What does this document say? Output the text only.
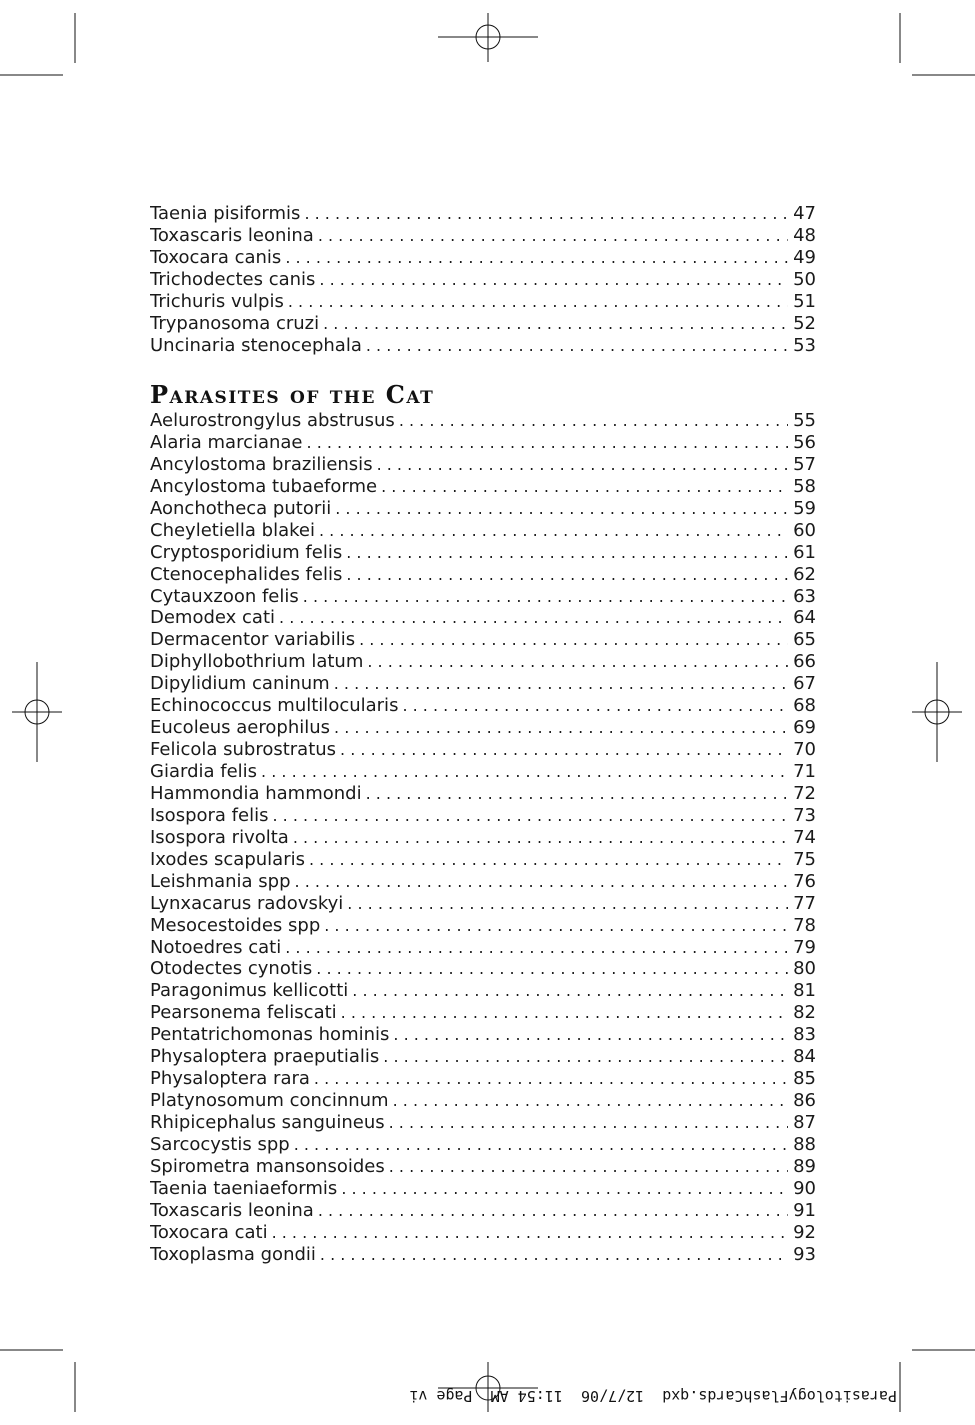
Taenia pisiformis . . .	47
Toxascaris leonina . . .	48
Toxocara canis . . .	49
Trichodectes canis . . .	50
Trichuris vulpis . . .	51
Trypanosoma cruzi . . .	52
Uncinaria stenocephala . . .	53
Parasites of the Cat
Aelurostrongylus abstrusus . . .	55
Alaria marcianae . . .	56
Ancylostoma braziliensis . . .	57
Ancylostoma tubaeforme . . .	58
Aonchotheca putorii . . .	59
Cheyletiella blakei . . .	60
Cryptosporidium felis . . .	61
Ctenocephalides felis . . .	62
Cytauxzoon felis . . .	63
Demodex cati . . .	64
Dermacentor variabilis . . .	65
Diphyllobothrium latum . . .	66
Dipylidium caninum . . .	67
Echinococcus multilocularis . . .	68
Eucoleus aerophilus . . .	69
Felicola subrostratus . . .	70
Giardia felis . . .	71
Hammondia hammondi . . .	72
Isospora felis . . .	73
Isospora rivolta . . .	74
Ixodes scapularis . . .	75
Leishmania spp . . .	76
Lynxacarus radovskyi . . .	77
Mesocestoides spp . . .	78
Notoedres cati . . .	79
Otodectes cynotis . . .	80
Paragonimus kellicotti . . .	81
Pearsonema feliscati . . .	82
Pentatrichomonas hominis . . .	83
Physaloptera praeputialis . . .	84
Physaloptera rara . . .	85
Platynosomum concinnum . . .	86
Rhipicephalus sanguineus . . .	87
Sarcocystis spp . . .	88
Spirometra mansonsoides . . .	89
Taenia taeniaeformis . . .	90
Toxascaris leonina . . .	91
Toxocara cati . . .	92
Toxoplasma gondii . . .	93
ParasitologyFlashCards.qxd  12/7/06  11:54 AM  Page vi
